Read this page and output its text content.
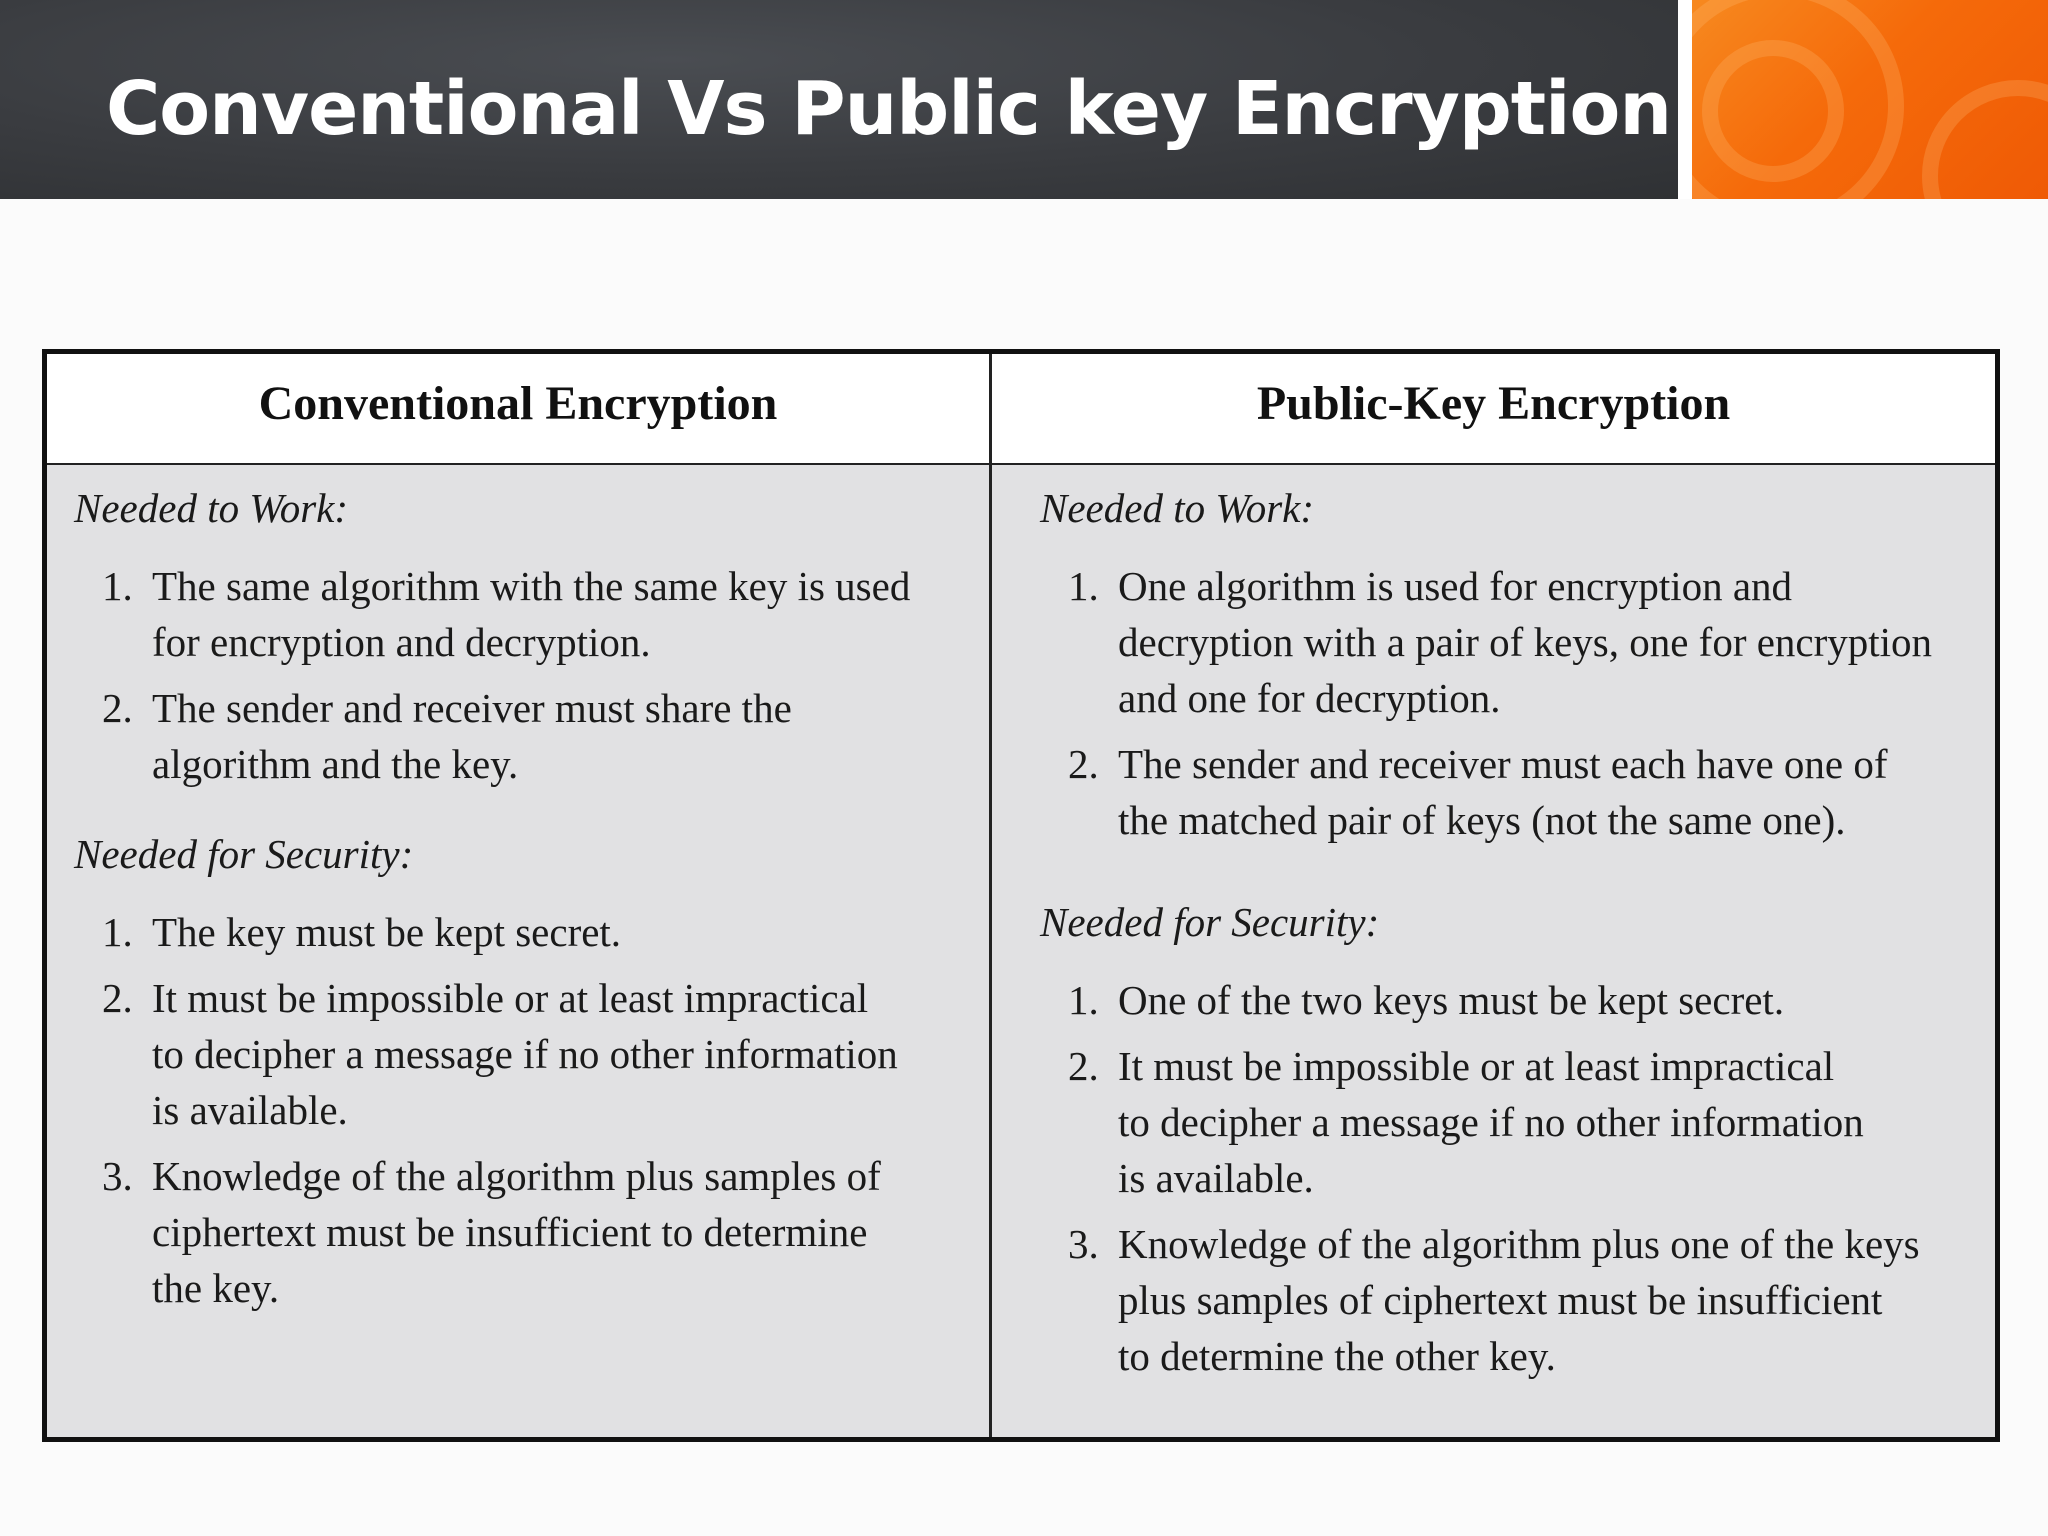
Conventional Vs Public key Encryption
Conventional Encryption	Public-Key Encryption
Needed to Work:
1. The same algorithm with the same key is used
for encryption and decryption.
2. The sender and receiver must share the
algorithm and the key.
Needed for Security:
1. The key must be kept secret.
2. It must be impossible or at least impractical
to decipher a message if no other information
is available.
3. Knowledge of the algorithm plus samples of
ciphertext must be insufficient to determine
the key.
Needed to Work:
1. One algorithm is used for encryption and
decryption with a pair of keys, one for encryption
and one for decryption.
2. The sender and receiver must each have one of
the matched pair of keys (not the same one).
Needed for Security:
1. One of the two keys must be kept secret.
2. It must be impossible or at least impractical
to decipher a message if no other information
is available.
3. Knowledge of the algorithm plus one of the keys
plus samples of ciphertext must be insufficient
to determine the other key.
